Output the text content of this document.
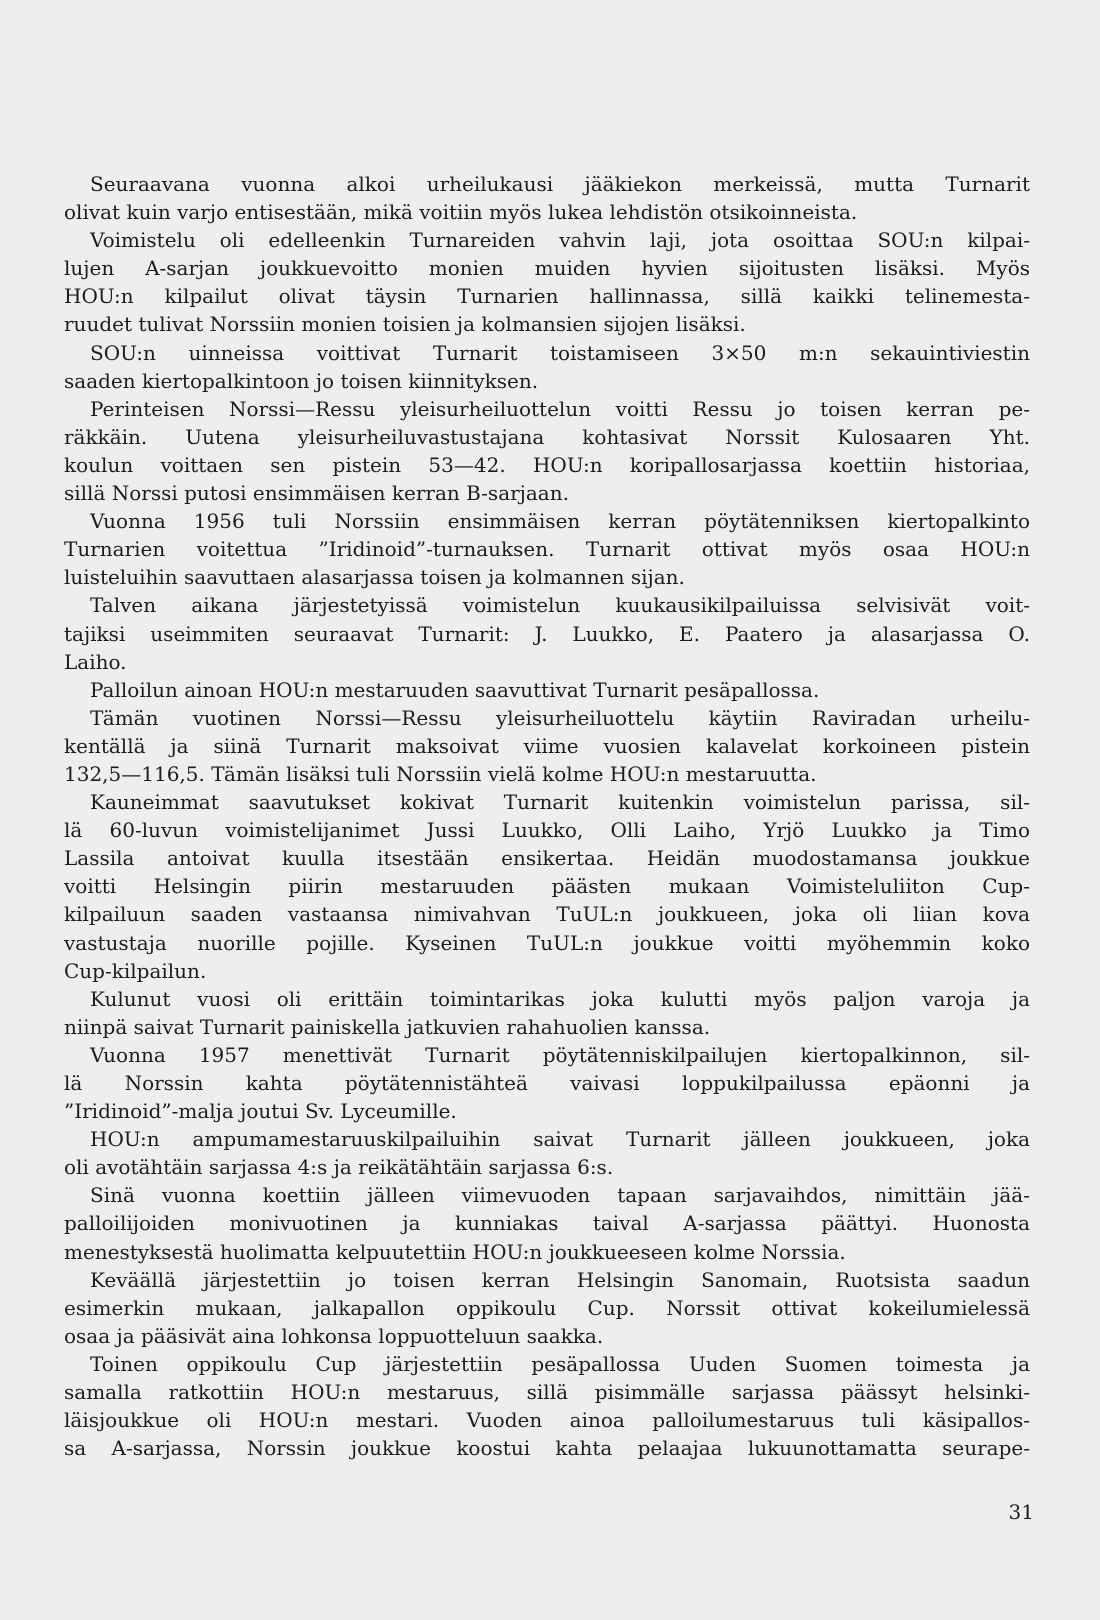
Seuraavana vuonna alkoi urheilukausi jääkiekon merkeissä, mutta Turnarit
olivat kuin varjo entisestään, mikä voitiin myös lukea lehdistön otsikoinneista.
Voimistelu oli edelleenkin Turnareiden vahvin laji, jota osoittaa SOU:n kilpai-
lujen A-sarjan joukkuevoitto monien muiden hyvien sijoitusten lisäksi. Myös
HOU:n kilpailut olivat täysin Turnarien hallinnassa, sillä kaikki telinemesta-
ruudet tulivat Norssiin monien toisien ja kolmansien sijojen lisäksi.
SOU:n uinneissa voittivat Turnarit toistamiseen 3×50 m:n sekauintiviestin
saaden kiertopalkintoon jo toisen kiinnityksen.
Perinteisen Norssi—Ressu yleisurheiluottelun voitti Ressu jo toisen kerran pe-
räkkäin. Uutena yleisurheiluvastustajana kohtasivat Norssit Kulosaaren Yht.
koulun voittaen sen pistein 53—42. HOU:n koripallosarjassa koettiin historiaa,
sillä Norssi putosi ensimmäisen kerran B-sarjaan.
Vuonna 1956 tuli Norssiin ensimmäisen kerran pöytätenniksen kiertopalkinto
Turnarien voitettua ”Iridinoid”-turnauksen. Turnarit ottivat myös osaa HOU:n
luisteluihin saavuttaen alasarjassa toisen ja kolmannen sijan.
Talven aikana järjestetyissä voimistelun kuukausikilpailuissa selvisivät voit-
tajiksi useimmiten seuraavat Turnarit: J. Luukko, E. Paatero ja alasarjassa O.
Laiho.
Palloilun ainoan HOU:n mestaruuden saavuttivat Turnarit pesäpallossa.
Tämän vuotinen Norssi—Ressu yleisurheiluottelu käytiin Raviradan urheilu-
kentällä ja siinä Turnarit maksoivat viime vuosien kalavelat korkoineen pistein
132,5—116,5. Tämän lisäksi tuli Norssiin vielä kolme HOU:n mestaruutta.
Kauneimmat saavutukset kokivat Turnarit kuitenkin voimistelun parissa, sil-
lä 60-luvun voimistelijanimet Jussi Luukko, Olli Laiho, Yrjö Luukko ja Timo
Lassila antoivat kuulla itsestään ensikertaa. Heidän muodostamansa joukkue
voitti Helsingin piirin mestaruuden päästen mukaan Voimisteluliiton Cup-
kilpailuun saaden vastaansa nimivahvan TuUL:n joukkueen, joka oli liian kova
vastustaja nuorille pojille. Kyseinen TuUL:n joukkue voitti myöhemmin koko
Cup-kilpailun.
Kulunut vuosi oli erittäin toimintarikas joka kulutti myös paljon varoja ja
niinpä saivat Turnarit painiskella jatkuvien rahahuolien kanssa.
Vuonna 1957 menettivät Turnarit pöytätenniskilpailujen kiertopalkinnon, sil-
lä Norssin kahta pöytätennistähteä vaivasi loppukilpailussa epäonni ja
”Iridinoid”-malja joutui Sv. Lyceumille.
HOU:n ampumamestaruuskilpailuihin saivat Turnarit jälleen joukkueen, joka
oli avotähtäin sarjassa 4:s ja reikätähtäin sarjassa 6:s.
Sinä vuonna koettiin jälleen viimevuoden tapaan sarjavaihdos, nimittäin jää-
palloilijoiden monivuotinen ja kunniakas taival A-sarjassa päättyi. Huonosta
menestyksestä huolimatta kelpuutettiin HOU:n joukkueeseen kolme Norssia.
Keväällä järjestettiin jo toisen kerran Helsingin Sanomain, Ruotsista saadun
esimerkin mukaan, jalkapallon oppikoulu Cup. Norssit ottivat kokeilumielessä
osaa ja pääsivät aina lohkonsa loppuotteluun saakka.
Toinen oppikoulu Cup järjestettiin pesäpallossa Uuden Suomen toimesta ja
samalla ratkottiin HOU:n mestaruus, sillä pisimmälle sarjassa päässyt helsinki-
läisjoukkue oli HOU:n mestari. Vuoden ainoa palloilumestaruus tuli käsipallos-
sa A-sarjassa, Norssin joukkue koostui kahta pelaajaa lukuunottamatta seurape-
31
